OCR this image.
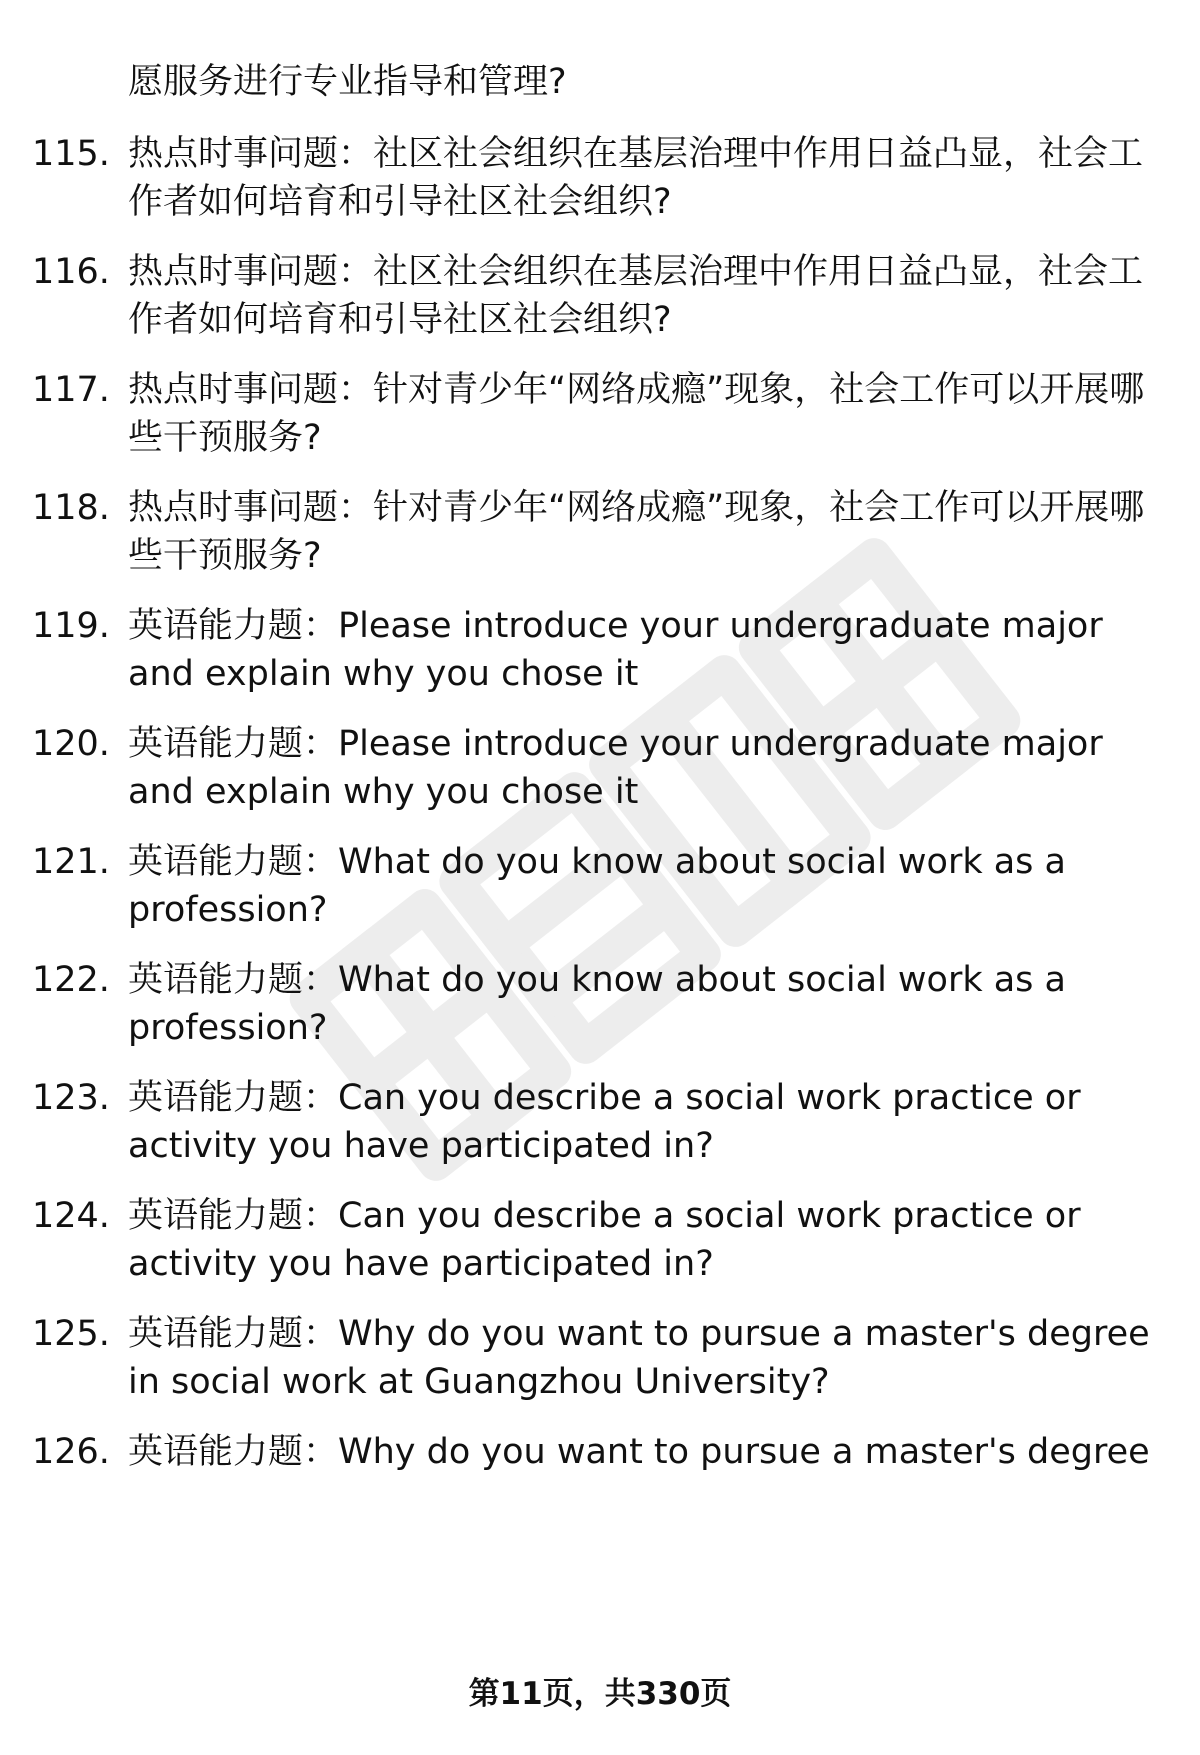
愿服务进行专业指导和管理?
115. 热点时事问题：社区社会组织在基层治理中作用日益凸显，社会工作者如何培育和引导社区社会组织?
116. 热点时事问题：社区社会组织在基层治理中作用日益凸显，社会工作者如何培育和引导社区社会组织?
117. 热点时事问题：针对青少年“网络成瘾”现象，社会工作可以开展哪些干预服务?
118. 热点时事问题：针对青少年“网络成瘾”现象，社会工作可以开展哪些干预服务?
119. 英语能力题：Please introduce your undergraduate major and explain why you chose it
120. 英语能力题：Please introduce your undergraduate major and explain why you chose it
121. 英语能力题：What do you know about social work as a profession?
122. 英语能力题：What do you know about social work as a profession?
123. 英语能力题：Can you describe a social work practice or activity you have participated in?
124. 英语能力题：Can you describe a social work practice or activity you have participated in?
125. 英语能力题：Why do you want to pursue a master's degree in social work at Guangzhou University?
126. 英语能力题：Why do you want to pursue a master's degree
第11页，共330页
